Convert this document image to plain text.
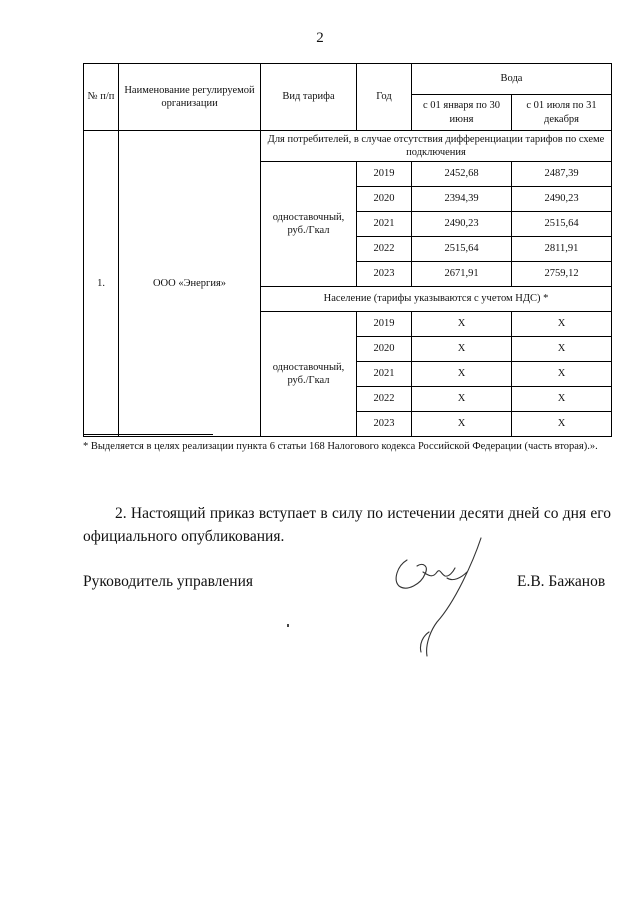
2
№ п/п	Наименование регулируемой организации	Вид тарифа	Год	Вода	
				с 01 января по 30 июня	с 01 июля по 31 декабря
1.	ООО «Энергия»	Для потребителей, в случае отсутствия дифференциации тарифов по схеме подключения			
		одноставочный, руб./Гкал	2019	2452,68	2487,39
			2020	2394,39	2490,23
			2021	2490,23	2515,64
			2022	2515,64	2811,91
			2023	2671,91	2759,12
		Население (тарифы указываются с учетом НДС) *			
		одноставочный, руб./Гкал	2019	X	X
			2020	X	X
			2021	X	X
			2022	X	X
			2023	X	X
* Выделяется в целях реализации пункта 6 статьи 168 Налогового кодекса Российской Федерации (часть вторая).».
2. Настоящий приказ вступает в силу по истечении десяти дней со дня его официального опубликования.
Руководитель управления	Е.В. Бажанов
